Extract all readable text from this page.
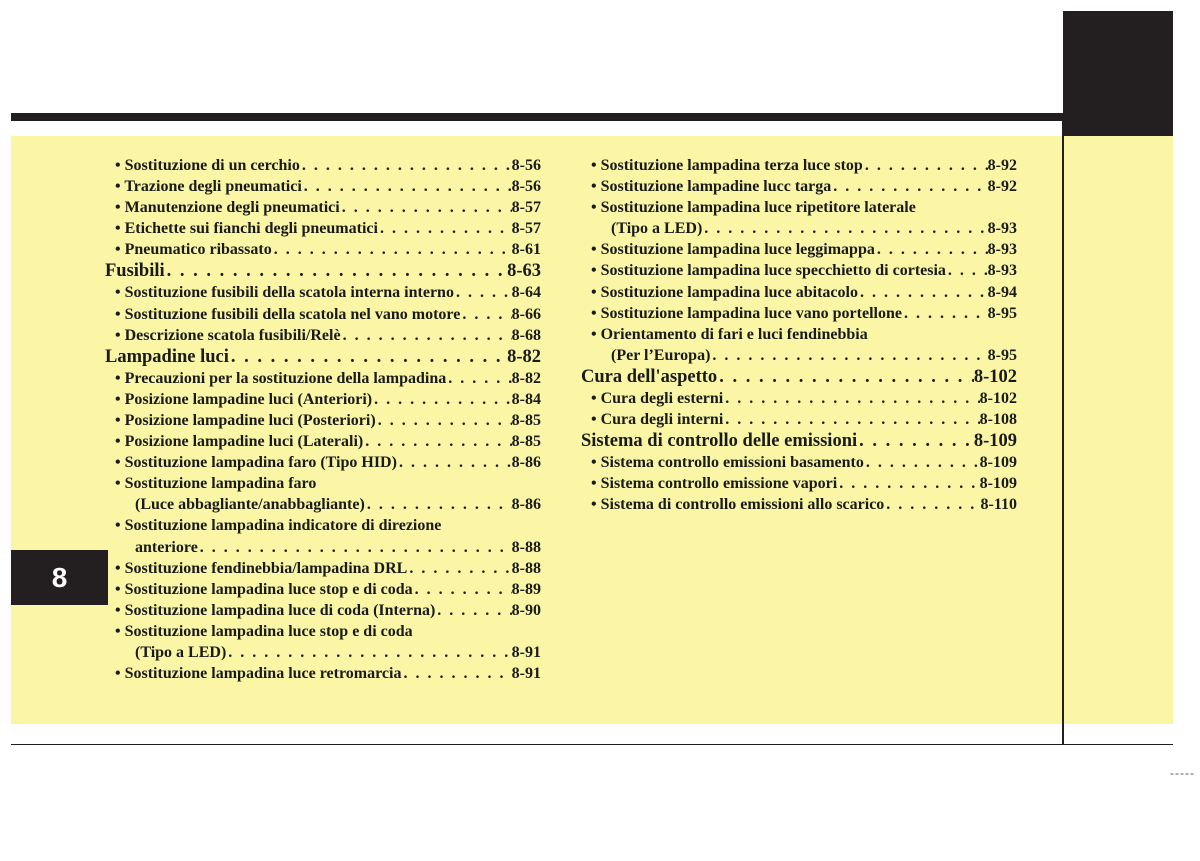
8
-----
• Sostituzione di un cerchio . . .	8-56
• Trazione degli pneumatici . . .	8-56
• Manutenzione degli pneumatici . . .	8-57
• Etichette sui fianchi degli pneumatici . . .	8-57
• Pneumatico ribassato . . .	8-61
Fusibili . . .	8-63
• Sostituzione fusibili della scatola interna interno . . .	8-64
• Sostituzione fusibili della scatola nel vano motore . . .	8-66
• Descrizione scatola fusibili/Relè . . .	8-68
Lampadine luci . . .	8-82
• Precauzioni per la sostituzione della lampadina . . .	8-82
• Posizione lampadine luci (Anteriori) . . .	8-84
• Posizione lampadine luci (Posteriori) . . .	8-85
• Posizione lampadine luci (Laterali) . . .	8-85
• Sostituzione lampadina faro (Tipo HID) . . .	8-86
• Sostituzione lampadina faro
(Luce abbagliante/anabbagliante) . . .	8-86
• Sostituzione lampadina indicatore di direzione
anteriore . . .	8-88
• Sostituzione fendinebbia/lampadina DRL . . .	8-88
• Sostituzione lampadina luce stop e di coda . . .	8-89
• Sostituzione lampadina luce di coda (Interna) . . .	8-90
• Sostituzione lampadina luce stop e di coda
(Tipo a LED) . . .	8-91
• Sostituzione lampadina luce retromarcia . . .	8-91
• Sostituzione lampadina terza luce stop . . .	8-92
• Sostituzione lampadine lucc targa . . .	8-92
• Sostituzione lampadina luce ripetitore laterale
(Tipo a LED) . . .	8-93
• Sostituzione lampadina luce leggimappa . . .	8-93
• Sostituzione lampadina luce specchietto di cortesia . . .	8-93
• Sostituzione lampadina luce abitacolo . . .	8-94
• Sostituzione lampadina luce vano portellone . . .	8-95
• Orientamento di fari e luci fendinebbia
(Per l’Europa) . . .	8-95
Cura dell'aspetto . . .	8-102
• Cura degli esterni . . .	8-102
• Cura degli interni . . .	8-108
Sistema di controllo delle emissioni . . .	8-109
• Sistema controllo emissioni basamento . . .	8-109
• Sistema controllo emissione vapori . . .	8-109
• Sistema di controllo emissioni allo scarico . . .	8-110
